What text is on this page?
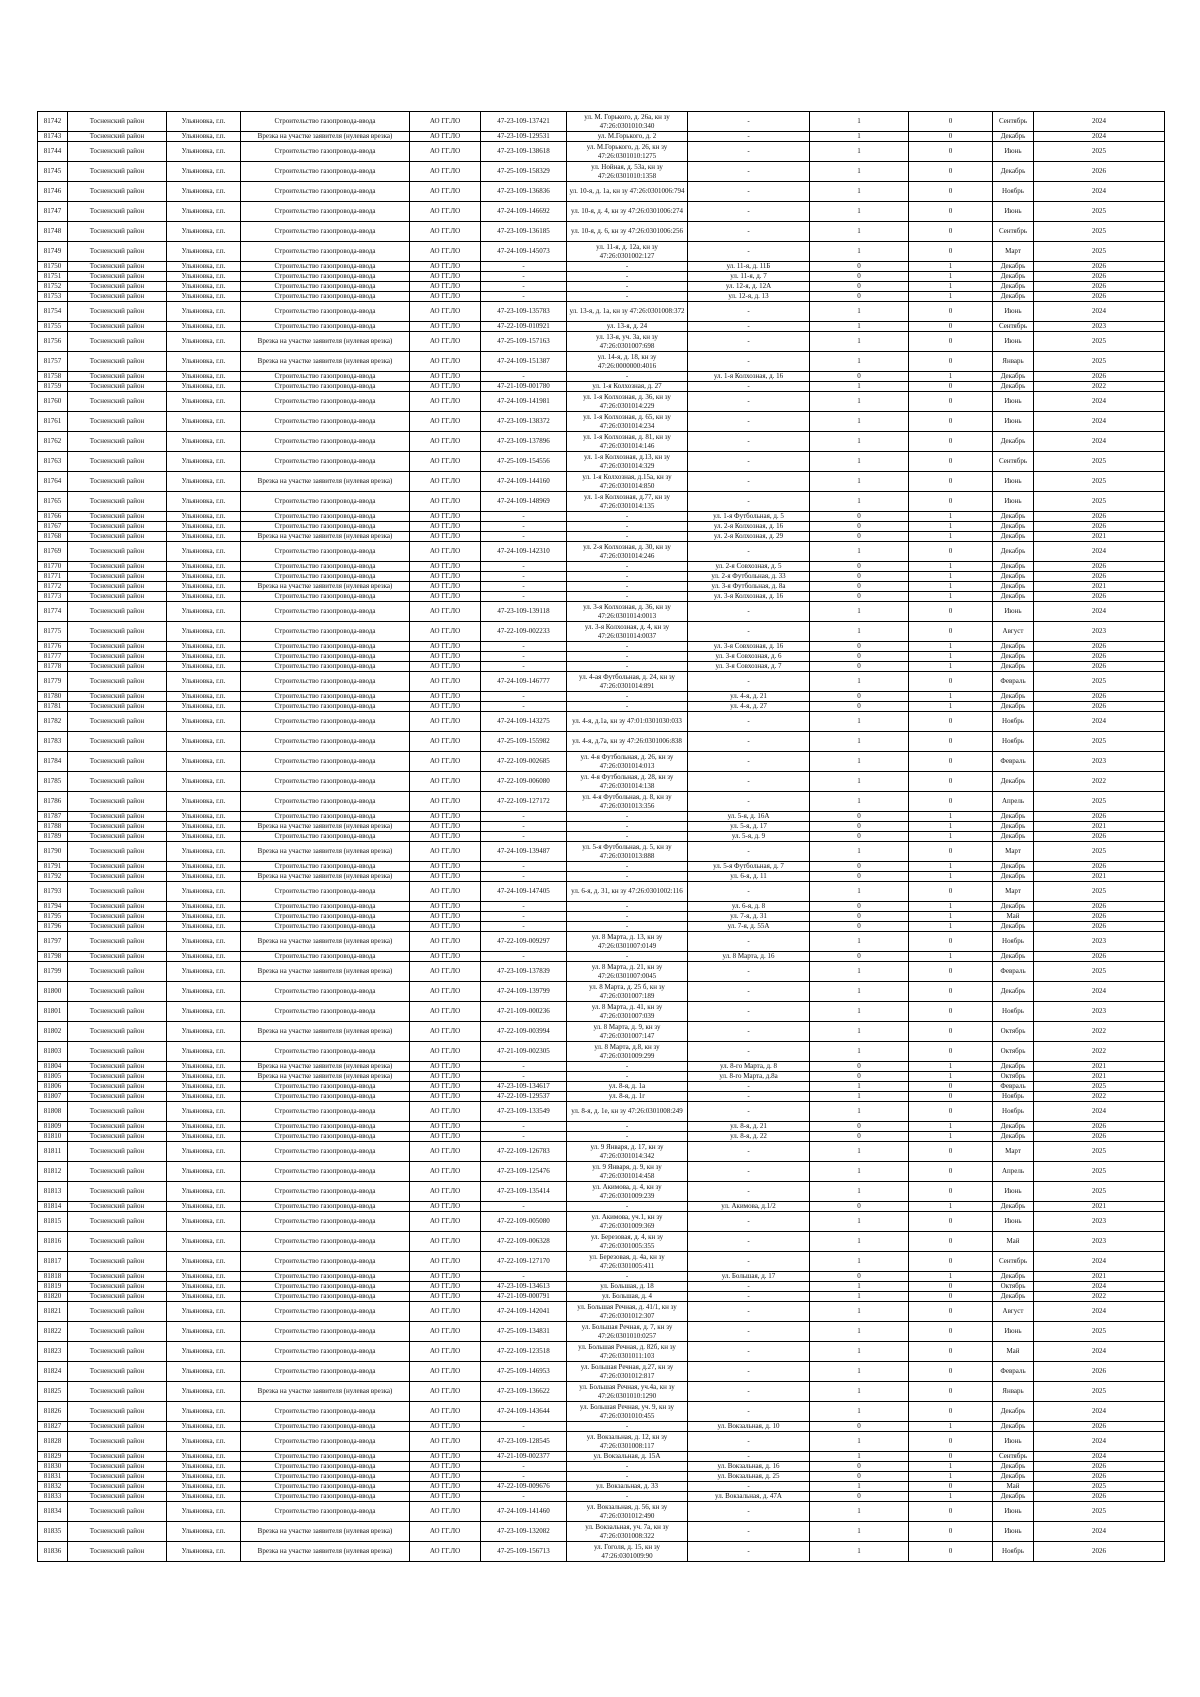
81742	Тосненский район	Ульяновка, г.п.	Строительство газопровода-ввода	АО ГГ.ЛО	47-23-109-137421	ул. М. Горького, д. 26а, кн зу 47:26:0301010:340	-	1	0	Сентябрь	2024
81743	Тосненский район	Ульяновка, г.п.	Врезка на участке заявителя (нулевая врезка)	АО ГГ.ЛО	47-23-109-129531	ул. М.Горького, д. 2	-	1	0	Декабрь	2024
81744	Тосненский район	Ульяновка, г.п.	Строительство газопровода-ввода	АО ГГ.ЛО	47-23-109-138618	ул. М.Горького, д. 26, кн зу 47:26:0301010:1275	-	1	0	Июнь	2025
81745	Тосненский район	Ульяновка, г.п.	Строительство газопровода-ввода	АО ГГ.ЛО	47-25-109-158329	ул. Нойная, д. 53а, кн зу 47:26:0301010:1358	-	1	0	Декабрь	2026
81746	Тосненский район	Ульяновка, г.п.	Строительство газопровода-ввода	АО ГГ.ЛО	47-23-109-136836	ул. 10-я, д. 1а, кн зу 47:26:0301006:794	-	1	0	Ноябрь	2024
81747	Тосненский район	Ульяновка, г.п.	Строительство газопровода-ввода	АО ГГ.ЛО	47-24-109-146692	ул. 10-я, д. 4, кн зу 47:26:0301006:274	-	1	0	Июнь	2025
81748	Тосненский район	Ульяновка, г.п.	Строительство газопровода-ввода	АО ГГ.ЛО	47-23-109-136185	ул. 10-я, д. 6, кн зу 47:26:0301006:256	-	1	0	Сентябрь	2025
81749	Тосненский район	Ульяновка, г.п.	Строительство газопровода-ввода	АО ГГ.ЛО	47-24-109-145073	ул. 11-я, д. 12а, кн зу 47:26:0301002:127	-	1	0	Март	2025
81750	Тосненский район	Ульяновка, г.п.	Строительство газопровода-ввода	АО ГГ.ЛО	-	-	ул. 11-я, д. 11Б	0	1	Декабрь	2026
81751	Тосненский район	Ульяновка, г.п.	Строительство газопровода-ввода	АО ГГ.ЛО	-	-	ул. 11-я, д. 7	0	1	Декабрь	2026
81752	Тосненский район	Ульяновка, г.п.	Строительство газопровода-ввода	АО ГГ.ЛО	-	-	ул. 12-я, д. 12А	0	1	Декабрь	2026
81753	Тосненский район	Ульяновка, г.п.	Строительство газопровода-ввода	АО ГГ.ЛО	-	-	ул. 12-я, д. 13	0	1	Декабрь	2026
81754	Тосненский район	Ульяновка, г.п.	Строительство газопровода-ввода	АО ГГ.ЛО	47-23-109-135783	ул. 13-я, д. 1а, кн зу 47:26:0301008:372	-	1	0	Июнь	2024
81755	Тосненский район	Ульяновка, г.п.	Строительство газопровода-ввода	АО ГГ.ЛО	47-22-109-010921	ул. 13-я, д. 24	-	1	0	Сентябрь	2023
81756	Тосненский район	Ульяновка, г.п.	Врезка на участке заявителя (нулевая врезка)	АО ГГ.ЛО	47-25-109-157163	ул. 13-я, уч. 3а, кн зу 47:26:0301007:698	-	1	0	Июнь	2025
81757	Тосненский район	Ульяновка, г.п.	Врезка на участке заявителя (нулевая врезка)	АО ГГ.ЛО	47-24-109-151387	ул. 14-я, д. 18, кн зу 47:26:0000000:4016	-	1	0	Январь	2025
81758	Тосненский район	Ульяновка, г.п.	Строительство газопровода-ввода	АО ГГ.ЛО	-	-	ул. 1-я Колхозная, д. 16	0	1	Декабрь	2026
81759	Тосненский район	Ульяновка, г.п.	Строительство газопровода-ввода	АО ГГ.ЛО	47-21-109-001780	ул. 1-я Колхозная, д. 27	-	1	0	Декабрь	2022
81760	Тосненский район	Ульяновка, г.п.	Строительство газопровода-ввода	АО ГГ.ЛО	47-24-109-141981	ул. 1-я Колхозная, д. 36, кн зу 47:26:0301014:229	-	1	0	Июнь	2024
81761	Тосненский район	Ульяновка, г.п.	Строительство газопровода-ввода	АО ГГ.ЛО	47-23-109-138372	ул. 1-я Колхозная, д. 65, кн зу 47:26:0301014:234	-	1	0	Июнь	2024
81762	Тосненский район	Ульяновка, г.п.	Строительство газопровода-ввода	АО ГГ.ЛО	47-23-109-137896	ул. 1-я Колхозная, д. 81, кн зу 47:26:0301014:146	-	1	0	Декабрь	2024
81763	Тосненский район	Ульяновка, г.п.	Строительство газопровода-ввода	АО ГГ.ЛО	47-25-109-154556	ул. 1-я Колхозная, д.13, кн зу 47:26:0301014:329	-	1	0	Сентябрь	2025
81764	Тосненский район	Ульяновка, г.п.	Врезка на участке заявителя (нулевая врезка)	АО ГГ.ЛО	47-24-109-144160	ул. 1-я Колхозная, д.15а, кн зу 47:26:0301014:850	-	1	0	Июнь	2025
81765	Тосненский район	Ульяновка, г.п.	Строительство газопровода-ввода	АО ГГ.ЛО	47-24-109-148969	ул. 1-я Колхозная, д.77, кн зу 47:26:0301014:135	-	1	0	Июнь	2025
81766	Тосненский район	Ульяновка, г.п.	Строительство газопровода-ввода	АО ГГ.ЛО	-	-	ул. 1-я Футбольная, д. 5	0	1	Декабрь	2026
81767	Тосненский район	Ульяновка, г.п.	Строительство газопровода-ввода	АО ГГ.ЛО	-	-	ул. 2-я Колхозная, д. 16	0	1	Декабрь	2026
81768	Тосненский район	Ульяновка, г.п.	Врезка на участке заявителя (нулевая врезка)	АО ГГ.ЛО	-	-	ул. 2-я Колхозная, д. 29	0	1	Декабрь	2021
81769	Тосненский район	Ульяновка, г.п.	Строительство газопровода-ввода	АО ГГ.ЛО	47-24-109-142310	ул. 2-я Колхозная, д. 30, кн зу 47:26:0301014:246	-	1	0	Декабрь	2024
81770	Тосненский район	Ульяновка, г.п.	Строительство газопровода-ввода	АО ГГ.ЛО	-	-	ул. 2-я Совхозная, д. 5	0	1	Декабрь	2026
81771	Тосненский район	Ульяновка, г.п.	Строительство газопровода-ввода	АО ГГ.ЛО	-	-	ул. 2-я Футбольная, д. 33	0	1	Декабрь	2026
81772	Тосненский район	Ульяновка, г.п.	Врезка на участке заявителя (нулевая врезка)	АО ГГ.ЛО	-	-	ул. 3-я Футбольная, д. 8а	0	1	Декабрь	2021
81773	Тосненский район	Ульяновка, г.п.	Строительство газопровода-ввода	АО ГГ.ЛО	-	-	ул. 3-я Колхозная, д. 16	0	1	Декабрь	2026
81774	Тосненский район	Ульяновка, г.п.	Строительство газопровода-ввода	АО ГГ.ЛО	47-23-109-139118	ул. 3-я Колхозная, д. 36, кн зу 47:26:0301014:0013	-	1	0	Июнь	2024
81775	Тосненский район	Ульяновка, г.п.	Строительство газопровода-ввода	АО ГГ.ЛО	47-22-109-002233	ул. 3-я Колхозная, д. 4, кн зу 47:26:0301014:0037	-	1	0	Август	2023
81776	Тосненский район	Ульяновка, г.п.	Строительство газопровода-ввода	АО ГГ.ЛО	-	-	ул. 3-я Совхозная, д. 16	0	1	Декабрь	2026
81777	Тосненский район	Ульяновка, г.п.	Строительство газопровода-ввода	АО ГГ.ЛО	-	-	ул. 3-я Совхозная, д. 6	0	1	Декабрь	2026
81778	Тосненский район	Ульяновка, г.п.	Строительство газопровода-ввода	АО ГГ.ЛО	-	-	ул. 3-я Совхозная, д. 7	0	1	Декабрь	2026
81779	Тосненский район	Ульяновка, г.п.	Строительство газопровода-ввода	АО ГГ.ЛО	47-24-109-146777	ул. 4-ая Футбольная, д. 24, кн зу 47:26:0301014:891	-	1	0	Февраль	2025
81780	Тосненский район	Ульяновка, г.п.	Строительство газопровода-ввода	АО ГГ.ЛО	-	-	ул. 4-я, д. 21	0	1	Декабрь	2026
81781	Тосненский район	Ульяновка, г.п.	Строительство газопровода-ввода	АО ГГ.ЛО	-	-	ул. 4-я, д. 27	0	1	Декабрь	2026
81782	Тосненский район	Ульяновка, г.п.	Строительство газопровода-ввода	АО ГГ.ЛО	47-24-109-143275	ул. 4-я, д.1а, кн зу 47:01:0301030:033	-	1	0	Ноябрь	2024
81783	Тосненский район	Ульяновка, г.п.	Строительство газопровода-ввода	АО ГГ.ЛО	47-25-109-155982	ул. 4-я, д.7а, кн зу 47:26:0301006:838	-	1	0	Ноябрь	2025
81784	Тосненский район	Ульяновка, г.п.	Строительство газопровода-ввода	АО ГГ.ЛО	47-22-109-002685	ул. 4-я Футбольная, д. 26, кн зу 47:26:0301014:013	-	1	0	Февраль	2023
81785	Тосненский район	Ульяновка, г.п.	Строительство газопровода-ввода	АО ГГ.ЛО	47-22-109-006080	ул. 4-я Футбольная, д. 28, кн зу 47:26:0301014:138	-	1	0	Декабрь	2022
81786	Тосненский район	Ульяновка, г.п.	Строительство газопровода-ввода	АО ГГ.ЛО	47-22-109-127172	ул. 4-я Футбольная, д. 8, кн зу 47:26:0301013:356	-	1	0	Апрель	2025
81787	Тосненский район	Ульяновка, г.п.	Строительство газопровода-ввода	АО ГГ.ЛО	-	-	ул. 5-я, д. 16А	0	1	Декабрь	2026
81788	Тосненский район	Ульяновка, г.п.	Врезка на участке заявителя (нулевая врезка)	АО ГГ.ЛО	-	-	ул. 5-я, д. 17	0	1	Декабрь	2021
81789	Тосненский район	Ульяновка, г.п.	Строительство газопровода-ввода	АО ГГ.ЛО	-	-	ул. 5-я, д. 9	0	1	Декабрь	2026
81790	Тосненский район	Ульяновка, г.п.	Врезка на участке заявителя (нулевая врезка)	АО ГГ.ЛО	47-24-109-139487	ул. 5-я Футбольная, д. 5, кн зу 47:26:0301013:888	-	1	0	Март	2025
81791	Тосненский район	Ульяновка, г.п.	Строительство газопровода-ввода	АО ГГ.ЛО	-	-	ул. 5-я Футбольная, д. 7	0	1	Декабрь	2026
81792	Тосненский район	Ульяновка, г.п.	Врезка на участке заявителя (нулевая врезка)	АО ГГ.ЛО	-	-	ул. 6-я, д. 11	0	1	Декабрь	2021
81793	Тосненский район	Ульяновка, г.п.	Строительство газопровода-ввода	АО ГГ.ЛО	47-24-109-147405	ул. 6-я, д. 31, кн зу 47:26:0301002:116	-	1	0	Март	2025
81794	Тосненский район	Ульяновка, г.п.	Строительство газопровода-ввода	АО ГГ.ЛО	-	-	ул. 6-я, д. 8	0	1	Декабрь	2026
81795	Тосненский район	Ульяновка, г.п.	Строительство газопровода-ввода	АО ГГ.ЛО	-	-	ул. 7-я, д. 31	0	1	Май	2026
81796	Тосненский район	Ульяновка, г.п.	Строительство газопровода-ввода	АО ГГ.ЛО	-	-	ул. 7-я, д. 55А	0	1	Декабрь	2026
81797	Тосненский район	Ульяновка, г.п.	Врезка на участке заявителя (нулевая врезка)	АО ГГ.ЛО	47-22-109-009297	ул. 8 Марта, д. 13, кн зу 47:26:0301007:0149	-	1	0	Ноябрь	2023
81798	Тосненский район	Ульяновка, г.п.	Строительство газопровода-ввода	АО ГГ.ЛО	-	-	ул. 8 Марта, д. 16	0	1	Декабрь	2026
81799	Тосненский район	Ульяновка, г.п.	Врезка на участке заявителя (нулевая врезка)	АО ГГ.ЛО	47-23-109-137839	ул. 8 Марта, д. 21, кн зу 47:26:0301007:0045	-	1	0	Февраль	2025
81800	Тосненский район	Ульяновка, г.п.	Строительство газопровода-ввода	АО ГГ.ЛО	47-24-109-139799	ул. 8 Марта, д. 25 б, кн зу 47:26:0301007:189	-	1	0	Декабрь	2024
81801	Тосненский район	Ульяновка, г.п.	Строительство газопровода-ввода	АО ГГ.ЛО	47-21-109-000236	ул. 8 Марта, д. 41, кн зу 47:26:0301007:039	-	1	0	Ноябрь	2023
81802	Тосненский район	Ульяновка, г.п.	Врезка на участке заявителя (нулевая врезка)	АО ГГ.ЛО	47-22-109-003994	ул. 8 Марта, д. 9, кн зу 47:26:0301007:147	-	1	0	Октябрь	2022
81803	Тосненский район	Ульяновка, г.п.	Строительство газопровода-ввода	АО ГГ.ЛО	47-21-109-002305	ул. 8 Марта, д.8, кн зу 47:26:0301009:299	-	1	0	Октябрь	2022
81804	Тосненский район	Ульяновка, г.п.	Врезка на участке заявителя (нулевая врезка)	АО ГГ.ЛО	-	-	ул. 8-го Марта, д. 8	0	1	Декабрь	2021
81805	Тосненский район	Ульяновка, г.п.	Врезка на участке заявителя (нулевая врезка)	АО ГГ.ЛО	-	-	ул. 8-го Марта, д.8а	0	1	Октябрь	2021
81806	Тосненский район	Ульяновка, г.п.	Строительство газопровода-ввода	АО ГГ.ЛО	47-23-109-134617	ул. 8-я, д. 1а	-	1	0	Февраль	2025
81807	Тосненский район	Ульяновка, г.п.	Строительство газопровода-ввода	АО ГГ.ЛО	47-22-109-129537	ул. 8-я, д. 1г	-	1	0	Ноябрь	2022
81808	Тосненский район	Ульяновка, г.п.	Строительство газопровода-ввода	АО ГГ.ЛО	47-23-109-133549	ул. 8-я, д. 1е, кн зу 47:26:0301008:249	-	1	0	Ноябрь	2024
81809	Тосненский район	Ульяновка, г.п.	Строительство газопровода-ввода	АО ГГ.ЛО	-	-	ул. 8-я, д. 21	0	1	Декабрь	2026
81810	Тосненский район	Ульяновка, г.п.	Строительство газопровода-ввода	АО ГГ.ЛО	-	-	ул. 8-я, д. 22	0	1	Декабрь	2026
81811	Тосненский район	Ульяновка, г.п.	Строительство газопровода-ввода	АО ГГ.ЛО	47-22-109-126783	ул. 9 Января, д. 17, кн зу 47:26:0301014:342	-	1	0	Март	2025
81812	Тосненский район	Ульяновка, г.п.	Строительство газопровода-ввода	АО ГГ.ЛО	47-23-109-125476	ул. 9 Января, д. 9, кн зу 47:26:0301014:458	-	1	0	Апрель	2025
81813	Тосненский район	Ульяновка, г.п.	Строительство газопровода-ввода	АО ГГ.ЛО	47-23-109-135414	ул. Акимова, д. 4, кн зу 47:26:0301009:239	-	1	0	Июнь	2025
81814	Тосненский район	Ульяновка, г.п.	Строительство газопровода-ввода	АО ГГ.ЛО	-	-	ул. Акимова, д.1/2	0	1	Декабрь	2021
81815	Тосненский район	Ульяновка, г.п.	Строительство газопровода-ввода	АО ГГ.ЛО	47-22-109-005080	ул. Акимова, уч.1, кн зу 47:26:0301009:369	-	1	0	Июнь	2023
81816	Тосненский район	Ульяновка, г.п.	Строительство газопровода-ввода	АО ГГ.ЛО	47-22-109-006328	ул. Березовая, д. 4, кн зу 47:26:0301005:355	-	1	0	Май	2023
81817	Тосненский район	Ульяновка, г.п.	Строительство газопровода-ввода	АО ГГ.ЛО	47-22-109-127170	ул. Березовая, д. 4а, кн зу 47:26:0301005:411	-	1	0	Сентябрь	2024
81818	Тосненский район	Ульяновка, г.п.	Строительство газопровода-ввода	АО ГГ.ЛО	-	-	ул. Большая, д. 17	0	1	Декабрь	2021
81819	Тосненский район	Ульяновка, г.п.	Строительство газопровода-ввода	АО ГГ.ЛО	47-23-109-134613	ул. Большая, д. 18	-	1	0	Октябрь	2024
81820	Тосненский район	Ульяновка, г.п.	Строительство газопровода-ввода	АО ГГ.ЛО	47-21-109-000791	ул. Большая, д. 4	-	1	0	Декабрь	2022
81821	Тосненский район	Ульяновка, г.п.	Строительство газопровода-ввода	АО ГГ.ЛО	47-24-109-142041	ул. Большая Речная, д. 41/1, кн зу 47:26:0301012:307	-	1	0	Август	2024
81822	Тосненский район	Ульяновка, г.п.	Строительство газопровода-ввода	АО ГГ.ЛО	47-25-109-134831	ул. Большая Речная, д. 7, кн зу 47:26:0301010:0257	-	1	0	Июнь	2025
81823	Тосненский район	Ульяновка, г.п.	Строительство газопровода-ввода	АО ГГ.ЛО	47-22-109-123518	ул. Большая Речная, д. 82б, кн зу 47:26:0301011:103	-	1	0	Май	2024
81824	Тосненский район	Ульяновка, г.п.	Строительство газопровода-ввода	АО ГГ.ЛО	47-25-109-146953	ул. Большая Речная, д.27, кн зу 47:26:0301012:817	-	1	0	Февраль	2026
81825	Тосненский район	Ульяновка, г.п.	Врезка на участке заявителя (нулевая врезка)	АО ГГ.ЛО	47-23-109-136622	ул. Большая Речная, уч.4а, кн зу 47:26:0301010:1290	-	1	0	Январь	2025
81826	Тосненский район	Ульяновка, г.п.	Строительство газопровода-ввода	АО ГГ.ЛО	47-24-109-143644	ул. Большая Речная, уч. 9, кн зу 47:26:0301010:455	-	1	0	Декабрь	2024
81827	Тосненский район	Ульяновка, г.п.	Строительство газопровода-ввода	АО ГГ.ЛО	-	-	ул. Вокзальная, д. 10	0	1	Декабрь	2026
81828	Тосненский район	Ульяновка, г.п.	Строительство газопровода-ввода	АО ГГ.ЛО	47-23-109-128545	ул. Вокзальная, д. 12, кн зу 47:26:0301008:117	-	1	0	Июнь	2024
81829	Тосненский район	Ульяновка, г.п.	Строительство газопровода-ввода	АО ГГ.ЛО	47-21-109-002377	ул. Вокзальная, д. 15А	-	1	0	Сентябрь	2024
81830	Тосненский район	Ульяновка, г.п.	Строительство газопровода-ввода	АО ГГ.ЛО	-	-	ул. Вокзальная, д. 16	0	1	Декабрь	2026
81831	Тосненский район	Ульяновка, г.п.	Строительство газопровода-ввода	АО ГГ.ЛО	-	-	ул. Вокзальная, д. 25	0	1	Декабрь	2026
81832	Тосненский район	Ульяновка, г.п.	Строительство газопровода-ввода	АО ГГ.ЛО	47-22-109-009676	ул. Вокзальная, д. 33	-	1	0	Май	2025
81833	Тосненский район	Ульяновка, г.п.	Строительство газопровода-ввода	АО ГГ.ЛО	-	-	ул. Вокзальная, д. 47А	0	1	Декабрь	2026
81834	Тосненский район	Ульяновка, г.п.	Строительство газопровода-ввода	АО ГГ.ЛО	47-24-109-141460	ул. Вокзальная, д. 56, кн зу 47:26:0301012:490	-	1	0	Июнь	2025
81835	Тосненский район	Ульяновка, г.п.	Врезка на участке заявителя (нулевая врезка)	АО ГГ.ЛО	47-23-109-132082	ул. Вокзальная, уч. 7а, кн зу 47:26:0301008:322	-	1	0	Июнь	2024
81836	Тосненский район	Ульяновка, г.п.	Врезка на участке заявителя (нулевая врезка)	АО ГГ.ЛО	47-25-109-156713	ул. Гоголя, д. 15, кн зу 47:26:0301009:90	-	1	0	Ноябрь	2026
